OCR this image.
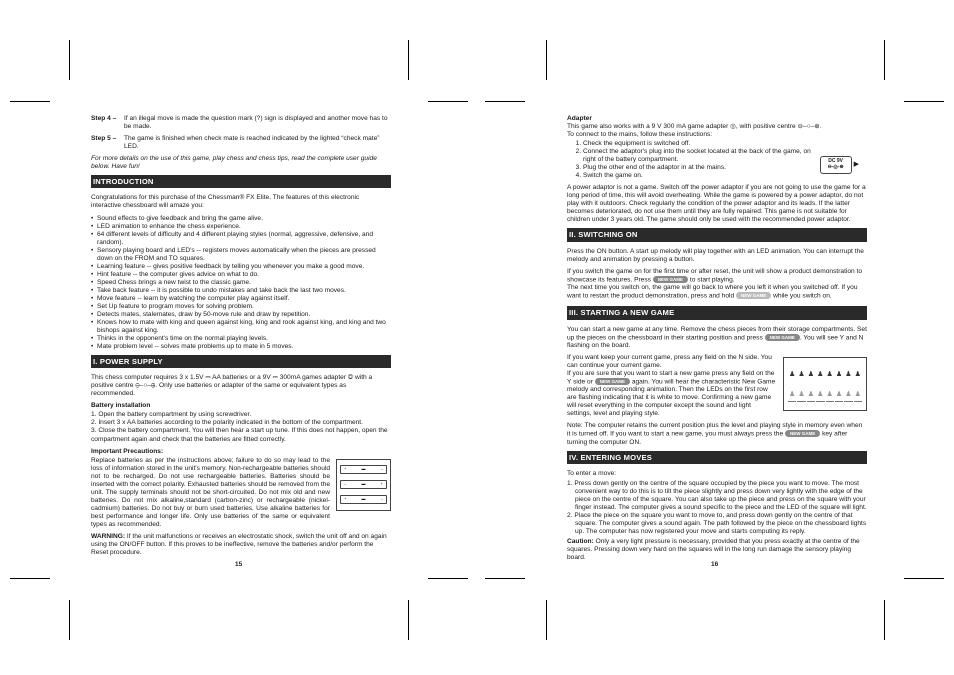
Step 4 –	If an illegal move is made the question mark (?) sign is displayed and another move has to be made.
Step 5 –	The game is finished when check mate is reached indicated by the lighted “check mate” LED.

For more details on the use of this game, play chess and chess tips, read the complete user guide below. Have fun!

INTRODUCTION

Congratulations for this purchase of the Chessman® FX Elite. The features of this electronic interactive chessboard will amaze you:

• Sound effects to give feedback and bring the game alive.
• LED animation to enhance the chess experience.
• 64 different levels of difficulty and 4 different playing styles (normal, aggressive, defensive, and random).
• Sensory playing board and LED's -- registers moves automatically when the pieces are pressed down on the FROM and TO squares.
• Learning feature -- gives positive feedback by telling you whenever you make a good move.
• Hint feature -- the computer gives advice on what to do.
• Speed Chess brings a new twist to the classic game.
• Take back feature -- it is possible to undo mistakes and take back the last two moves.
• Move feature -- learn by watching the computer play against itself.
• Set Up feature to program moves for solving problem.
• Detects mates, stalemates, draw by 50-move rule and draw by repetition.
• Knows how to mate with king and queen against king, king and rook against king, and king and two bishops against king.
• Thinks in the opponent's time on the normal playing levels.
• Mate problem level -- solves mate problems up to mate in 5 moves.
I. POWER SUPPLY

This chess computer requires 3 x 1.5V ⎓ AA batteries or a 9V ⎓ 300mA games adapter ◎ with a positive centre ⊖–○–⊕. Only use batteries or adapter of the same or equivalent types as recommended.

Battery installation

1. Open the battery compartment by using screwdriver.
2. Insert 3 x AA batteries according to the polarity indicated in the bottom of the compartment.
3. Close the battery compartment. You will then hear a start up tune. If this does not happen, open the compartment again and check that the batteries are fitted correctly.

Important Precautions:

Replace batteries as per the instructions above; failure to do so may lead to the loss of information stored in the unit's memory. Non-rechargeable batteries should not to be recharged. Do not use rechargeable batteries. Batteries should be inserted with the correct polarity. Exhausted batteries should be removed from the unit. The supply terminals should not be short-circuited. Do not mix old and new batteries. Do not mix alkaline,standard (carbon-zinc) or rechargeable (nickel-cadmium) batteries. Do not buy or burn used batteries. Use alkaline batteries for best performance and longer life. Only use batteries of the same or equivalent types as recommended.
+	▬	–
–	▬	+
+	▬	–

WARNING: If the unit malfunctions or receives an electrostatic shock, switch the unit off and on again using the ON/OFF button. If this proves to be ineffective, remove the batteries and/or perform the Reset procedure.

15

Adapter

This game also works with a 9 V 300 mA game adapter ◎, with positive centre ⊖–○–⊕.
To connect to the mains, follow these instructions:

1. Check the equipment is switched off.
2. Connect the adaptor's plug into the socket located at the back of the game, on right of the battery compartment.
3. Plug the other end of the adaptor in at the mains.
4. Switch the game on.
DC 9V
⊖-◎-⊕	▶

A power adaptor is not a game. Switch off the power adaptor if you are not going to use the game for a long period of time, this will avoid overheating. While the game is powered by a power adaptor, do not play with it outdoors. Check regularly the condition of the power adaptor and its leads. If the latter becomes deteriorated, do not use them until they are fully repaired. This game is not suitable for children under 3 years old. The game should only be used with the recommended power adaptor.

II. SWITCHING ON

Press the ON button. A start up melody will play together with an LED animation. You can interrupt the melody and animation by pressing a button.

If you switch the game on for the first time or after reset, the unit will show a product demonstration to showcase its features. Press NEW GAME to start playing.
The next time you switch on, the game will go back to where you left it when you switched off. If you want to restart the product demonstration, press and hold NEW GAME while you switch on.

III. STARTING A NEW GAME

You can start a new game at any time. Remove the chess pieces from their storage compartments. Set up the pieces on the chessboard in their starting position and press NEW GAME . You will see Y and N flashing on the board.

If you want keep your current game, press any field on the N side. You can continue your current game.

If you are sure that you want to start a new game press any field on the Y side or NEW GAME again. You will hear the characteristic New Game melody and corresponding animation. Then the LEDs on the first row are flashing indicating that it is white to move. Confirming a new game will reset everything in the computer except the sound and light settings, level and playing style.

♟ ♟
♟ ♟
♟ ♟
♟ ♟
♟ ♟
♟ ♟
♟ ♟
♟ ♟

Note: The computer retains the current position plus the level and playing style in memory even when it is turned off. If you want to start a new game, you must always press the NEW GAME key after turning the computer ON.

IV. ENTERING MOVES

To enter a move:

1. Press down gently on the centre of the square occupied by the piece you want to move. The most convenient way to do this is to tilt the piece slightly and press down very lightly with the edge of the piece on the centre of the square. You can also take up the piece and press on the square with your finger instead. The computer gives a sound specific to the piece and the LED of the square will light.
2. Place the piece on the square you want to move to, and press down gently on the centre of that square. The computer gives a sound again. The path followed by the piece on the chessboard lights up. The computer has now registered your move and starts computing its reply.

Caution: Only a very light pressure is necessary, provided that you press exactly at the centre of the squares. Pressing down very hard on the squares will in the long run damage the sensory playing board.

16
